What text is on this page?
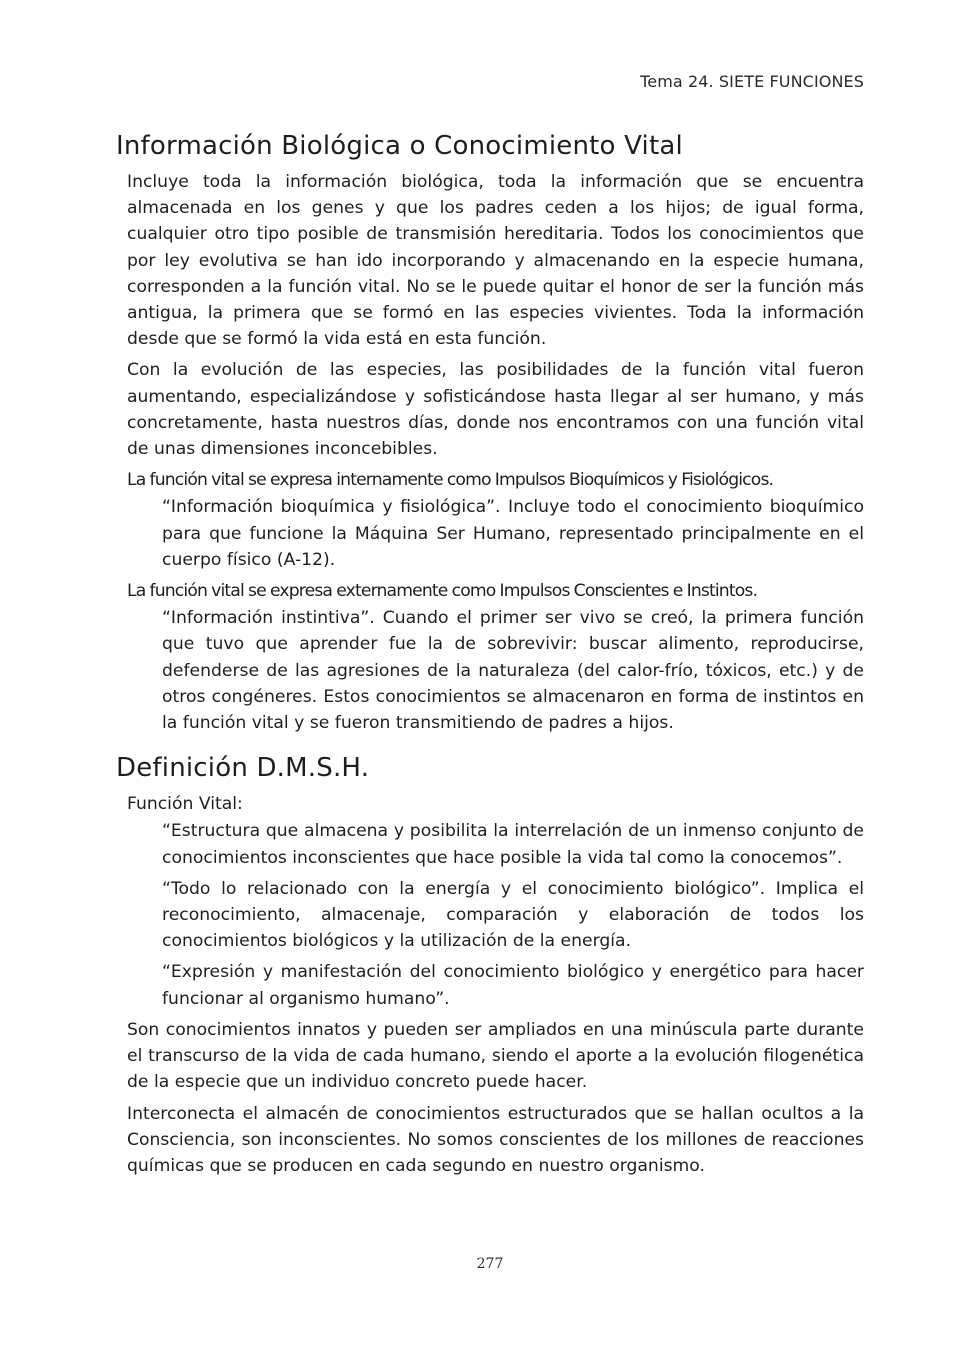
Tema 24. SIETE FUNCIONES
Información Biológica o Conocimiento Vital

Incluye toda la información biológica, toda la información que se encuentra almacenada en los genes y que los padres ceden a los hijos; de igual forma, cualquier otro tipo posible de transmisión hereditaria. Todos los conocimientos que por ley evolutiva se han ido incorporando y almacenando en la especie humana, corresponden a la función vital. No se le puede quitar el honor de ser la función más antigua, la primera que se formó en las especies vivientes. Toda la información desde que se formó la vida está en esta función.

Con la evolución de las especies, las posibilidades de la función vital fueron aumentando, especializándose y sofisticándose hasta llegar al ser humano, y más concretamente, hasta nuestros días, donde nos encontramos con una función vital de unas dimensiones inconcebibles.

La función vital se expresa internamente como Impulsos Bioquímicos y Fisiológicos.

“Información bioquímica y fisiológica”. Incluye todo el conocimiento bioquímico para que funcione la Máquina Ser Humano, representado principalmente en el cuerpo físico (A-12).

La función vital se expresa externamente como Impulsos Conscientes e Instintos.

“Información instintiva”. Cuando el primer ser vivo se creó, la primera función que tuvo que aprender fue la de sobrevivir: buscar alimento, reproducirse, defenderse de las agresiones de la naturaleza (del calor-frío, tóxicos, etc.) y de otros congéneres. Estos conocimientos se almacenaron en forma de instintos en la función vital y se fueron transmitiendo de padres a hijos.

Definición D.M.S.H.

Función Vital:

“Estructura que almacena y posibilita la interrelación de un inmenso conjunto de conocimientos inconscientes que hace posible la vida tal como la conocemos”.

“Todo lo relacionado con la energía y el conocimiento biológico”. Implica el reconocimiento, almacenaje, comparación y elaboración de todos los conocimientos biológicos y la utilización de la energía.

“Expresión y manifestación del conocimiento biológico y energético para hacer funcionar al organismo humano”.

Son conocimientos innatos y pueden ser ampliados en una minúscula parte durante el transcurso de la vida de cada humano, siendo el aporte a la evolución filogenética de la especie que un individuo concreto puede hacer.

Interconecta el almacén de conocimientos estructurados que se hallan ocultos a la Consciencia, son inconscientes. No somos conscientes de los millones de reacciones químicas que se producen en cada segundo en nuestro organismo.

277
